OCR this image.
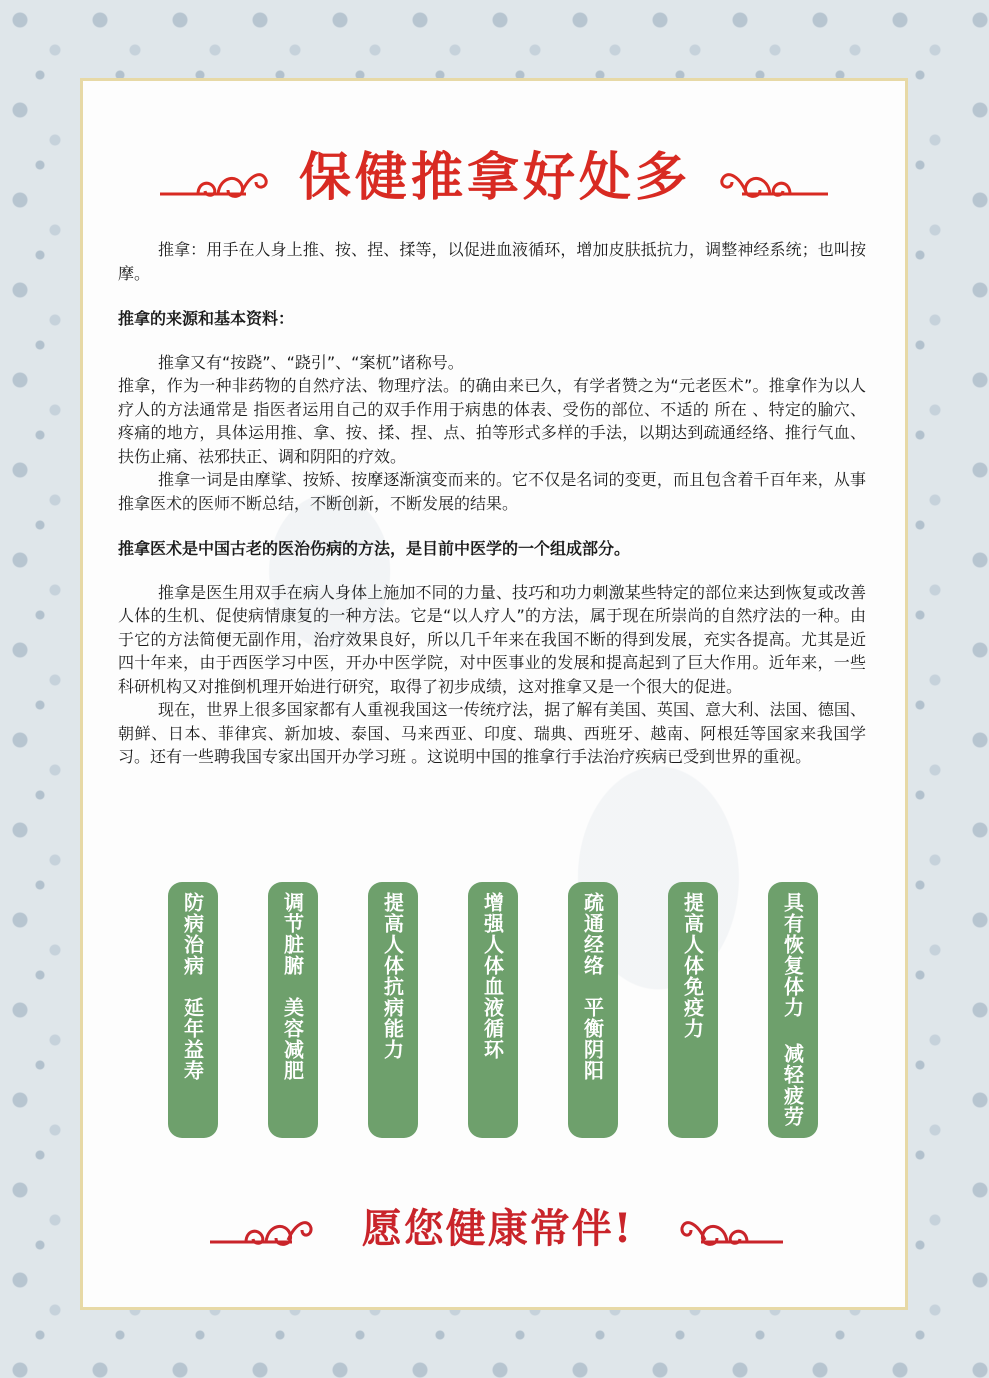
保健推拿好处多

推拿：用手在人身上推、按、捏、揉等，以促进血液循环，增加皮肤抵抗力，调整神经系统；也叫按摩。

推拿的来源和基本资料：

推拿又有“按跷”、“跷引”、“案杌”诸称号。

推拿，作为一种非药物的自然疗法、物理疗法。的确由来已久，有学者赞之为“元老医术”。推拿作为以人疗人的方法通常是 指医者运用自己的双手作用于病患的体表、受伤的部位、不适的 所在 、特定的腧穴、疼痛的地方，具体运用推、拿、按、揉、捏、点、拍等形式多样的手法，以期达到疏通经络、推行气血、扶伤止痛、祛邪扶正、调和阴阳的疗效。

推拿一词是由摩挲、按矫、按摩逐渐演变而来的。它不仅是名词的变更，而且包含着千百年来，从事推拿医术的医师不断总结，不断创新，不断发展的结果。

推拿医术是中国古老的医治伤病的方法，是目前中医学的一个组成部分。

推拿是医生用双手在病人身体上施加不同的力量、技巧和功力刺激某些特定的部位来达到恢复或改善人体的生机、促使病情康复的一种方法。它是“以人疗人”的方法，属于现在所崇尚的自然疗法的一种。由于它的方法简便无副作用，治疗效果良好，所以几千年来在我国不断的得到发展，充实各提高。尤其是近四十年来，由于西医学习中医，开办中医学院，对中医事业的发展和提高起到了巨大作用。近年来，一些科研机构又对推倒机理开始进行研究，取得了初步成绩，这对推拿又是一个很大的促进。

现在，世界上很多国家都有人重视我国这一传统疗法，据了解有美国、英国、意大利、法国、德国、朝鲜、日本、菲律宾、新加坡、泰国、马来西亚、印度、瑞典、西班牙、越南、阿根廷等国家来我国学习。还有一些聘我国专家出国开办学习班 。这说明中国的推拿行手法治疗疾病已受到世界的重视。

防病治病　延年益寿	调节脏腑　美容减肥	提高人体抗病能力	增强人体血液循环	疏通经络　平衡阴阳	提高人体免疫力	具有恢复体力 减轻疲劳
愿您健康常伴!
